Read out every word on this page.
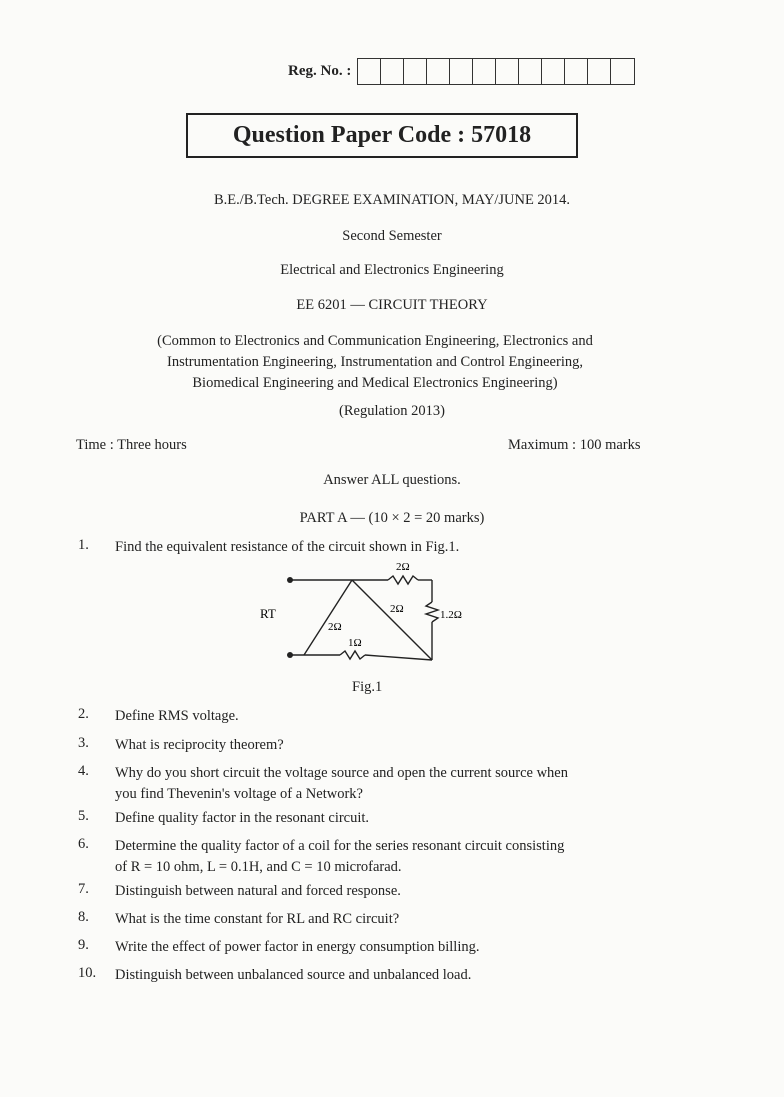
Reg. No. :
Question Paper Code : 57018
B.E./B.Tech. DEGREE EXAMINATION, MAY/JUNE 2014.
Second Semester
Electrical and Electronics Engineering
EE 6201 — CIRCUIT THEORY
(Common to Electronics and Communication Engineering, Electronics and
Instrumentation Engineering, Instrumentation and Control Engineering,
Biomedical Engineering and Medical Electronics Engineering)
(Regulation 2013)
Time : Three hours	Maximum : 100 marks
Answer ALL questions.
PART A — (10 × 2 = 20 marks)
1. Find the equivalent resistance of the circuit shown in Fig.1.
RT
2Ω
2Ω	1.2Ω
2Ω
1Ω
Fig.1
2. Define RMS voltage.
3. What is reciprocity theorem?
4. Why do you short circuit the voltage source and open the current source when
you find Thevenin's voltage of a Network?
5. Define quality factor in the resonant circuit.
6. Determine the quality factor of a coil for the series resonant circuit consisting
of R = 10 ohm, L = 0.1H, and C = 10 microfarad.
7. Distinguish between natural and forced response.
8. What is the time constant for RL and RC circuit?
9. Write the effect of power factor in energy consumption billing.
10. Distinguish between unbalanced source and unbalanced load.
